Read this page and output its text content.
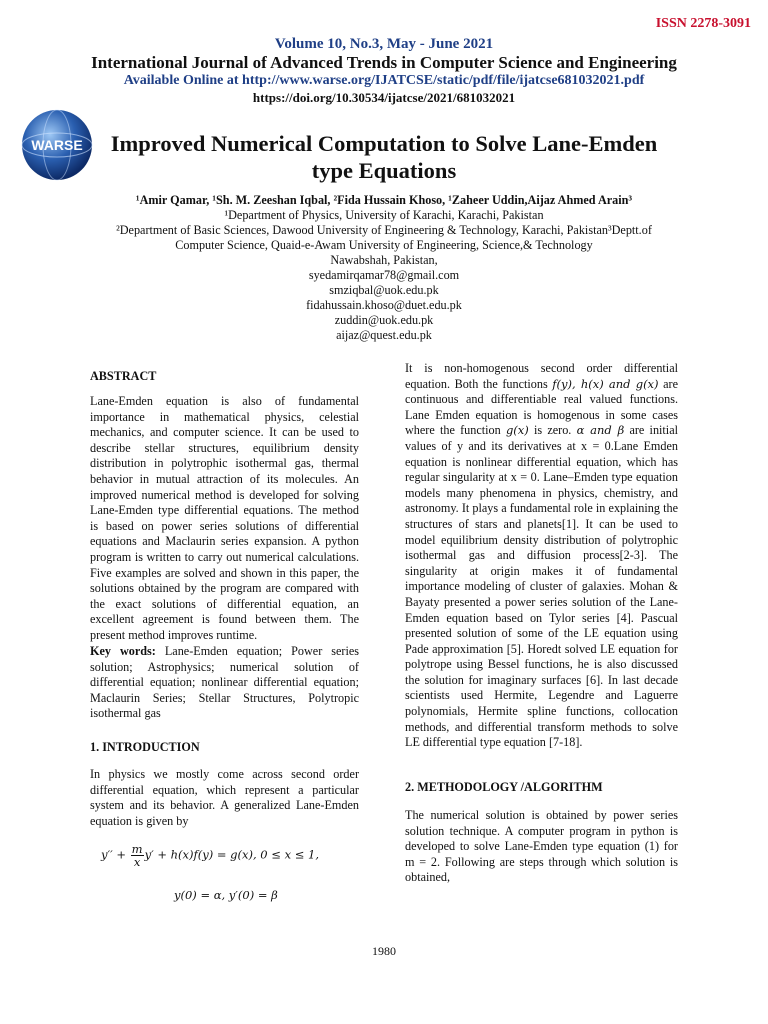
ISSN 2278-3091
Volume 10, No.3, May - June 2021
International Journal of Advanced Trends in Computer Science and Engineering
Available Online at http://www.warse.org/IJATCSE/static/pdf/file/ijatcse681032021.pdf
https://doi.org/10.30534/ijatcse/2021/681032021
WARSE	Improved Numerical Computation to Solve Lane-Emden
type Equations
¹Amir Qamar, ¹Sh. M. Zeeshan Iqbal, ²Fida Hussain Khoso, ¹Zaheer Uddin,Aijaz Ahmed Arain³
¹Department of Physics, University of Karachi, Karachi, Pakistan
²Department of Basic Sciences, Dawood University of Engineering & Technology, Karachi, Pakistan³Deptt.of
Computer Science, Quaid-e-Awam University of Engineering, Science,& Technology
Nawabshah, Pakistan,
syedamirqamar78@gmail.com
smziqbal@uok.edu.pk
fidahussain.khoso@duet.edu.pk
zuddin@uok.edu.pk
aijaz@quest.edu.pk
ABSTRACT

Lane-Emden equation is also of fundamental importance in mathematical physics, celestial mechanics, and computer science. It can be used to describe stellar structures, equilibrium density distribution in polytrophic isothermal gas, thermal behavior in mutual attraction of its molecules. An improved numerical method is developed for solving Lane-Emden type differential equations. The method is based on power series solutions of differential equations and Maclaurin series expansion. A python program is written to carry out numerical calculations. Five examples are solved and shown in this paper, the solutions obtained by the program are compared with the exact solutions of differential equation, an excellent agreement is found between them. The present method improves runtime.

Key words: Lane-Emden equation; Power series solution; Astrophysics; numerical solution of differential equation; nonlinear differential equation; Maclaurin Series; Stellar Structures, Polytropic isothermal gas

1. INTRODUCTION

In physics we mostly come across second order differential equation, which represent a particular system and its behavior. A generalized Lane-Emden equation is given by

$y'' + \frac{m}{x} y' + h(x)f(y) = g(x)$, 0 ≤ x ≤ 1,
y(0) = α, y′(0) = β

It is non-homogenous second order differential equation. Both the functions f(y), h(x) and g(x) are continuous and differentiable real valued functions. Lane Emden equation is homogenous in some cases where the function g(x) is zero. α and β are initial values of y and its derivatives at x = 0.Lane Emden equation is nonlinear differential equation, which has regular singularity at x = 0. Lane–Emden type equation models many phenomena in physics, chemistry, and astronomy. It plays a fundamental role in explaining the structures of stars and planets[1]. It can be used to model equilibrium density distribution of polytrophic isothermal gas and diffusion process[2-3]. The singularity at origin makes it of fundamental importance modeling of cluster of galaxies. Mohan & Bayaty presented a power series solution of the Lane-Emden equation based on Tylor series [4]. Pascual presented solution of some of the LE equation using Pade approximation [5]. Horedt solved LE equation for polytrope using Bessel functions, he is also discussed the solution for imaginary surfaces [6]. In last decade scientists used Hermite, Legendre and Laguerre polynomials, Hermite spline functions, collocation methods, and differential transform methods to solve LE differential type equation [7-18].

2. METHODOLOGY /ALGORITHM

The numerical solution is obtained by power series solution technique. A computer program in python is developed to solve Lane-Emden type equation (1) for m = 2. Following are steps through which solution is obtained,

1980
